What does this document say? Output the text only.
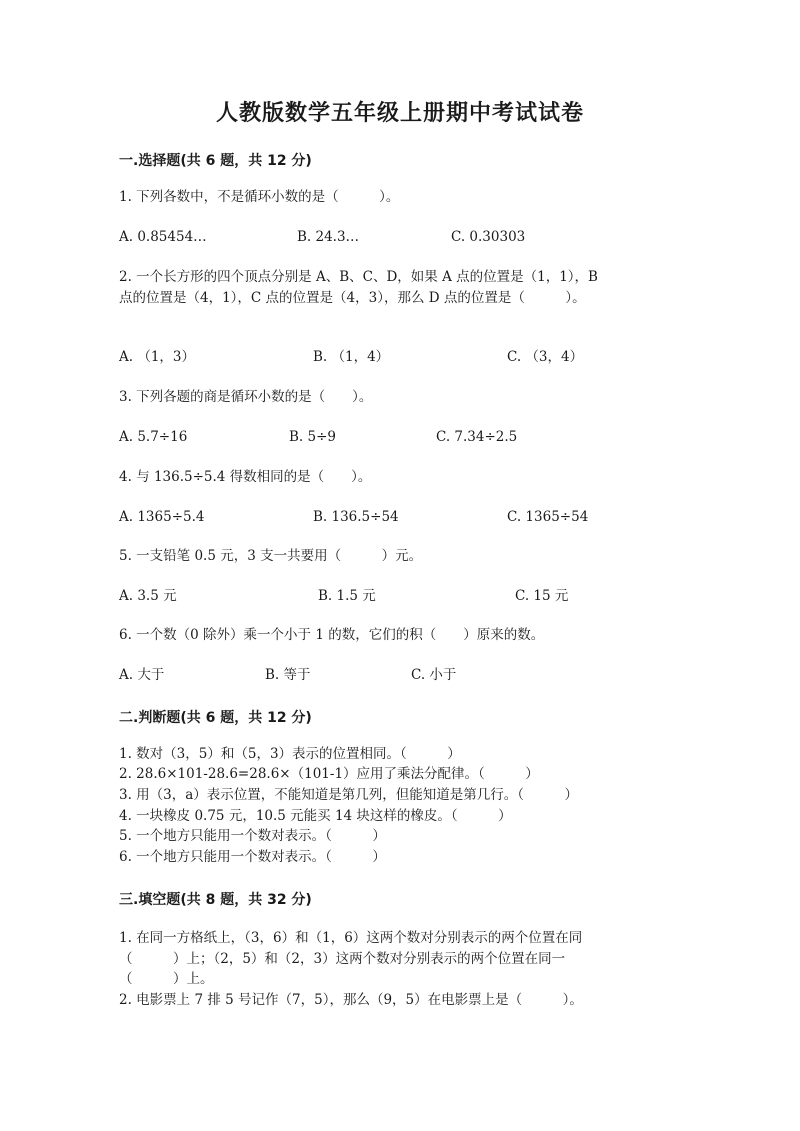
人教版数学五年级上册期中考试试卷
一.选择题(共 6 题，共 12 分)
1. 下列各数中，不是循环小数的是（　　　）。
A. 0.85454…	B. 24.3…	C. 0.30303
2. 一个长方形的四个顶点分别是 A、B、C、D，如果 A 点的位置是（1，1），B
点的位置是（4，1），C 点的位置是（4，3），那么 D 点的位置是（　　　）。
A. （1，3）	B. （1，4）	C. （3，4）
3. 下列各题的商是循环小数的是（　　）。
A. 5.7÷16	B. 5÷9	C. 7.34÷2.5
4. 与 136.5÷5.4 得数相同的是（　　）。
A. 1365÷5.4	B. 136.5÷54	C. 1365÷54
5. 一支铅笔 0.5 元，3 支一共要用（　　　）元。
A. 3.5 元	B. 1.5 元	C. 15 元
6. 一个数（0 除外）乘一个小于 1 的数，它们的积（　　）原来的数。
A. 大于	B. 等于	C. 小于
二.判断题(共 6 题，共 12 分)
1. 数对（3，5）和（5，3）表示的位置相同。（　　　）
2. 28.6×101-28.6=28.6×（101-1）应用了乘法分配律。（　　　）
3. 用（3，a）表示位置，不能知道是第几列，但能知道是第几行。（　　　）
4. 一块橡皮 0.75 元，10.5 元能买 14 块这样的橡皮。（　　　）
5. 一个地方只能用一个数对表示。（　　　）
6. 一个地方只能用一个数对表示。（　　　）
三.填空题(共 8 题，共 32 分)
1. 在同一方格纸上，（3，6）和（1，6）这两个数对分别表示的两个位置在同
（　　　）上；（2，5）和（2，3）这两个数对分别表示的两个位置在同一
（　　　）上。
2. 电影票上 7 排 5 号记作（7，5），那么（9，5）在电影票上是（　　　）。
